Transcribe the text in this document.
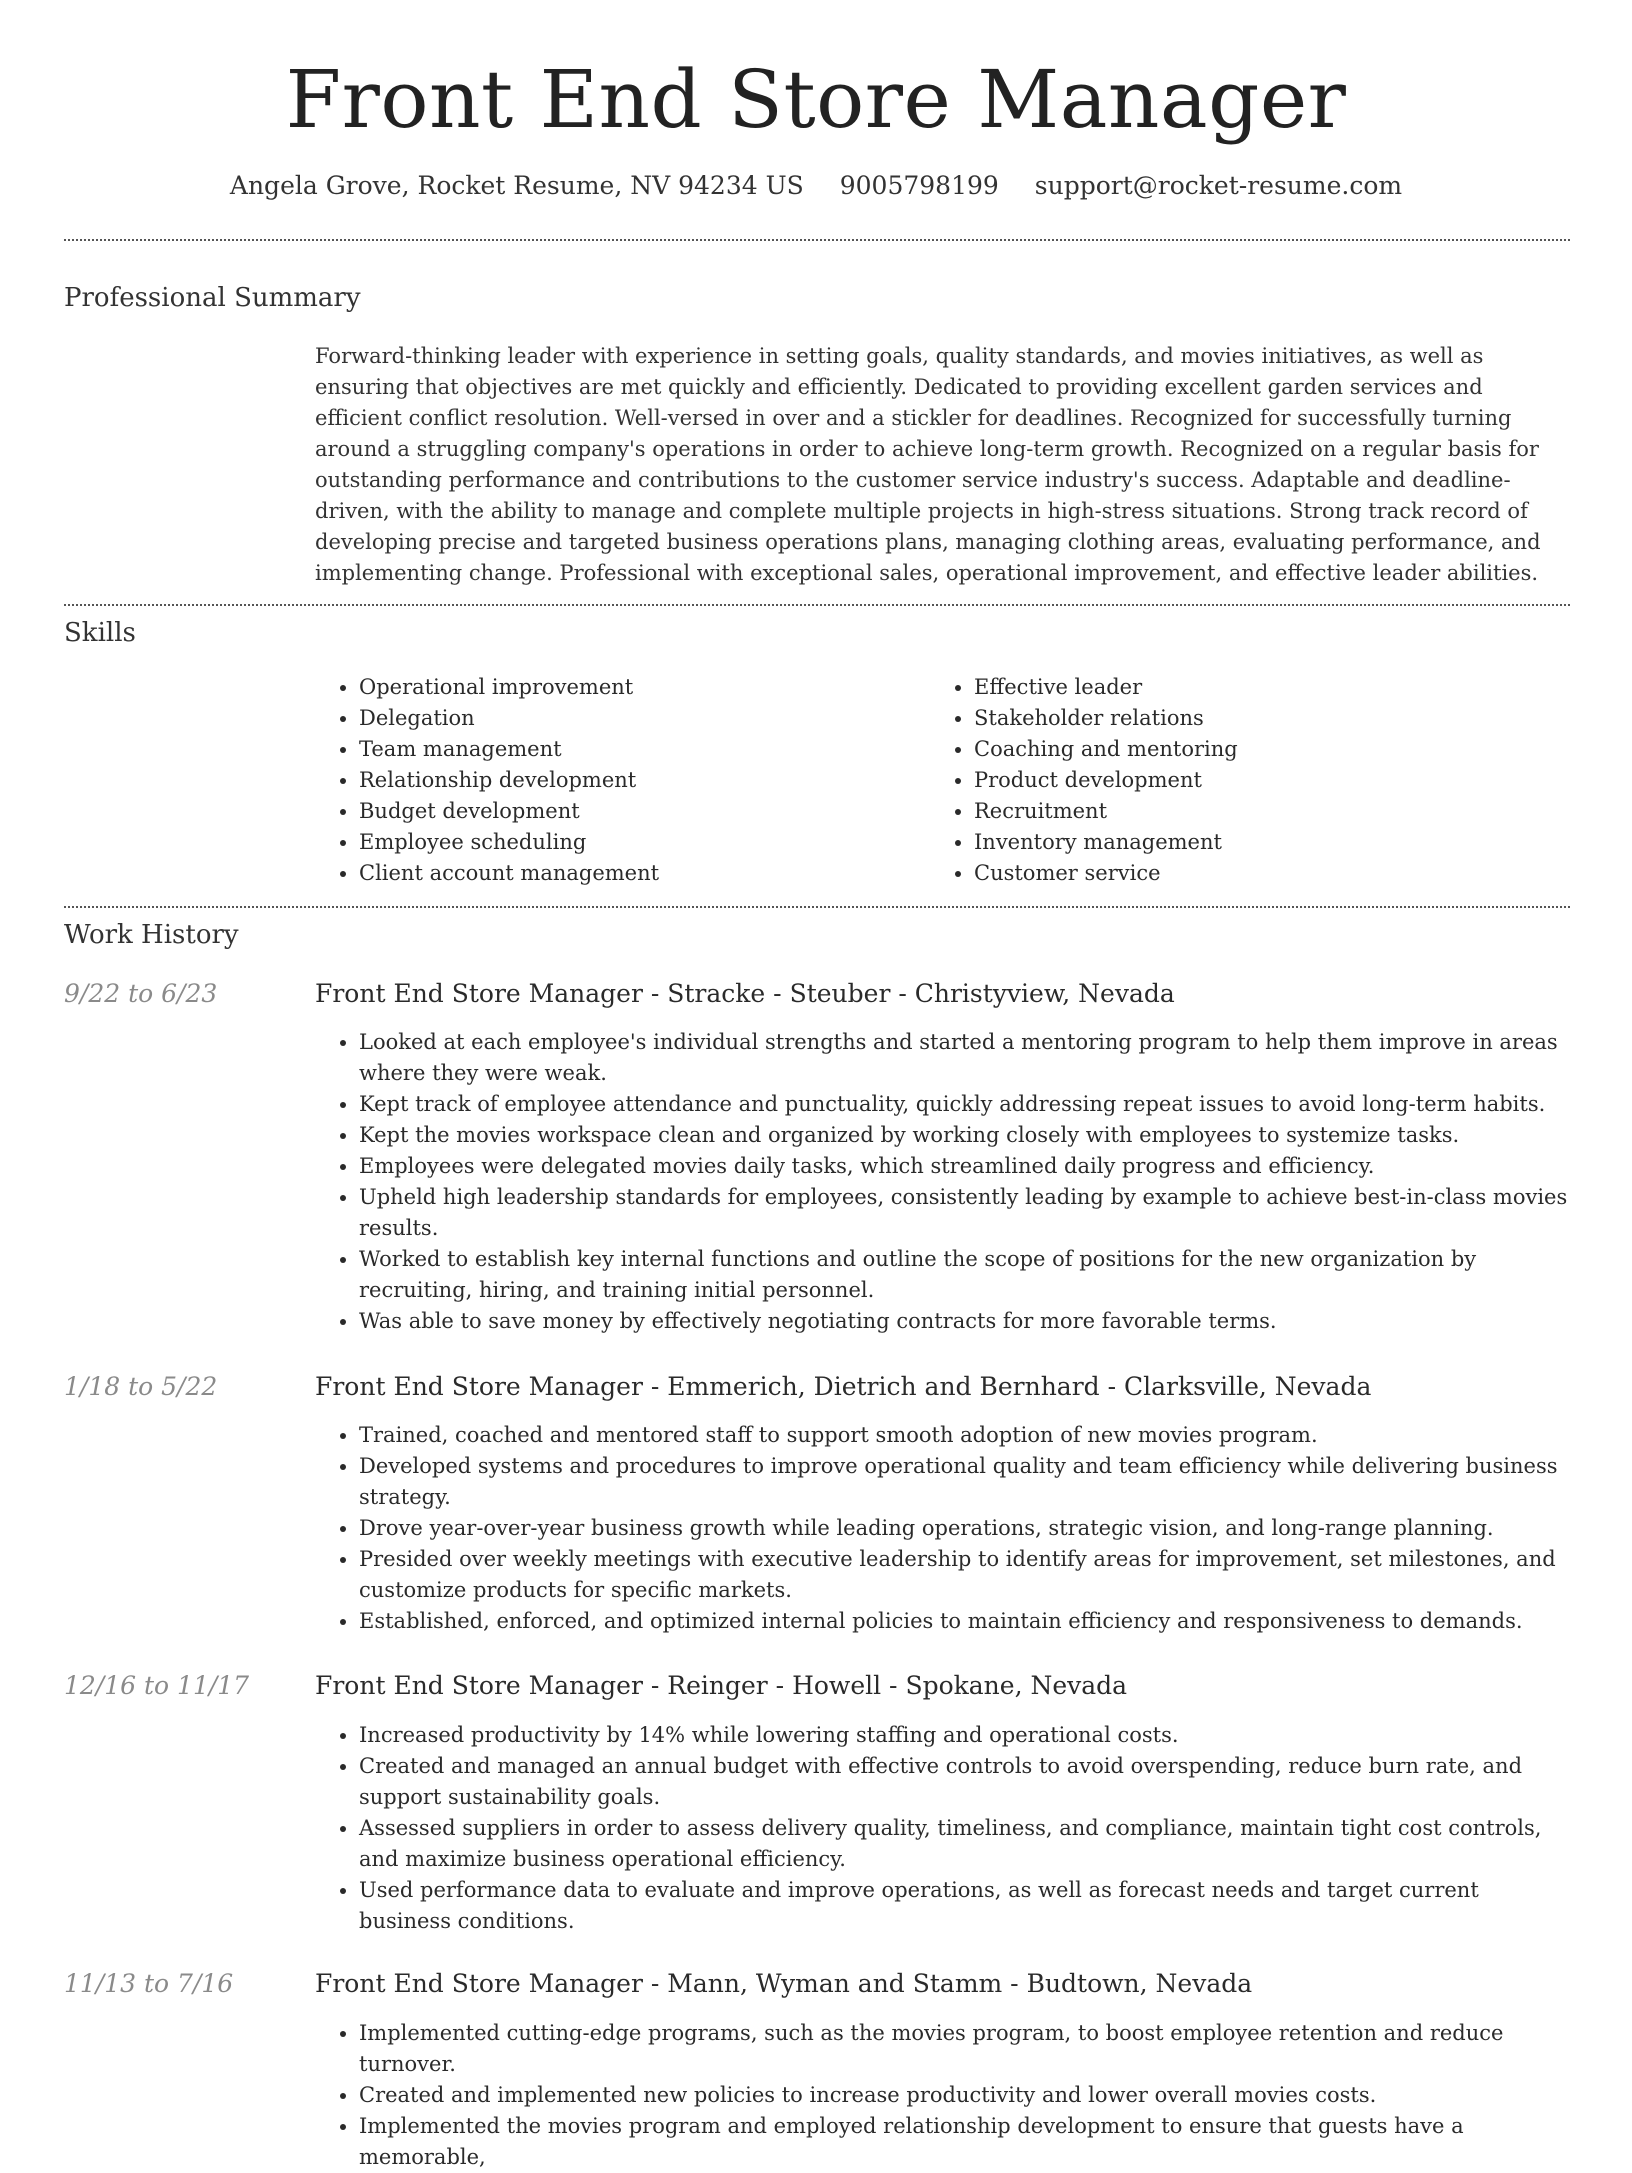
Front End Store Manager
Angela Grove, Rocket Resume, NV 94234 US 9005798199 support@rocket-resume.com
Professional Summary
Forward-thinking leader with experience in setting goals, quality standards, and movies initiatives, as well as ensuring that objectives are met quickly and efficiently. Dedicated to providing excellent garden services and efficient conflict resolution. Well-versed in over and a stickler for deadlines. Recognized for successfully turning around a struggling company's operations in order to achieve long-term growth. Recognized on a regular basis for outstanding performance and contributions to the customer service industry's success. Adaptable and deadline-driven, with the ability to manage and complete multiple projects in high-stress situations. Strong track record of developing precise and targeted business operations plans, managing clothing areas, evaluating performance, and implementing change. Professional with exceptional sales, operational improvement, and effective leader abilities.
Skills
• Operational improvement
• Delegation
• Team management
• Relationship development
• Budget development
• Employee scheduling
• Client account management
• Effective leader
• Stakeholder relations
• Coaching and mentoring
• Product development
• Recruitment
• Inventory management
• Customer service
Work History
9/22 to 6/23	Front End Store Manager - Stracke - Steuber - Christyview, Nevada
• Looked at each employee's individual strengths and started a mentoring program to help them improve in areas where they were weak.
• Kept track of employee attendance and punctuality, quickly addressing repeat issues to avoid long-term habits.
• Kept the movies workspace clean and organized by working closely with employees to systemize tasks.
• Employees were delegated movies daily tasks, which streamlined daily progress and efficiency.
• Upheld high leadership standards for employees, consistently leading by example to achieve best-in-class movies results.
• Worked to establish key internal functions and outline the scope of positions for the new organization by recruiting, hiring, and training initial personnel.
• Was able to save money by effectively negotiating contracts for more favorable terms.
1/18 to 5/22	Front End Store Manager - Emmerich, Dietrich and Bernhard - Clarksville, Nevada
• Trained, coached and mentored staff to support smooth adoption of new movies program.
• Developed systems and procedures to improve operational quality and team efficiency while delivering business strategy.
• Drove year-over-year business growth while leading operations, strategic vision, and long-range planning.
• Presided over weekly meetings with executive leadership to identify areas for improvement, set milestones, and customize products for specific markets.
• Established, enforced, and optimized internal policies to maintain efficiency and responsiveness to demands.
12/16 to 11/17	Front End Store Manager - Reinger - Howell - Spokane, Nevada
• Increased productivity by 14% while lowering staffing and operational costs.
• Created and managed an annual budget with effective controls to avoid overspending, reduce burn rate, and support sustainability goals.
• Assessed suppliers in order to assess delivery quality, timeliness, and compliance, maintain tight cost controls, and maximize business operational efficiency.
• Used performance data to evaluate and improve operations, as well as forecast needs and target current business conditions.
11/13 to 7/16	Front End Store Manager - Mann, Wyman and Stamm - Budtown, Nevada
• Implemented cutting-edge programs, such as the movies program, to boost employee retention and reduce turnover.
• Created and implemented new policies to increase productivity and lower overall movies costs.
• Implemented the movies program and employed relationship development to ensure that guests have a memorable,
